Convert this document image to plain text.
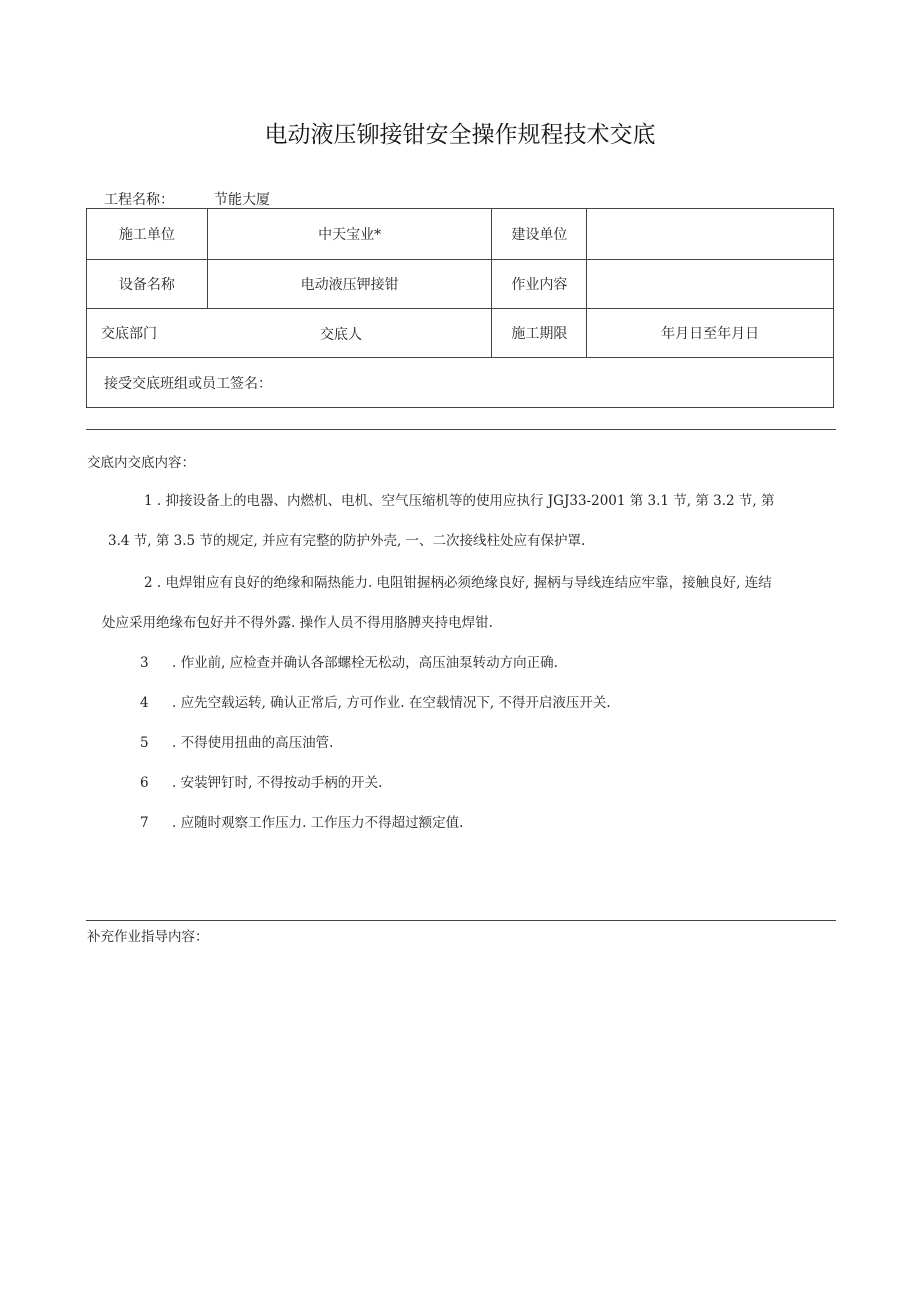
电动液压铆接钳安全操作规程技术交底
工程名称：	节能大厦
施工单位	中天宝业*	建设单位	
设备名称	电动液压钾接钳	作业内容	
交底部门 交底人		施工期限	年月日至年月日
接受交底班组或员工签名：			
交底内交底内容：
1 . 抑接设备上的电器、内燃机、电机、空气压缩机等的使用应执行 JGJ33-2001 第 3.1 节, 第 3.2 节, 第
3.4 节, 第 3.5 节的规定, 并应有完整的防护外壳, 一、二次接线柱处应有保护罩.
2 . 电焊钳应有良好的绝缘和隔热能力. 电阻钳握柄必须绝缘良好, 握柄与导线连结应牢靠，接触良好, 连结
处应采用绝缘布包好并不得外露. 操作人员不得用胳膊夹持电焊钳.
3 . 作业前, 应检查并确认各部螺栓无松动，高压油泵转动方向正确.
4 . 应先空载运转, 确认正常后, 方可作业. 在空载情况下, 不得开启液压开关.
5 . 不得使用扭曲的高压油管.
6 . 安装钾钉时, 不得按动手柄的开关.
7 . 应随时观察工作压力. 工作压力不得超过额定值.
补充作业指导内容：
